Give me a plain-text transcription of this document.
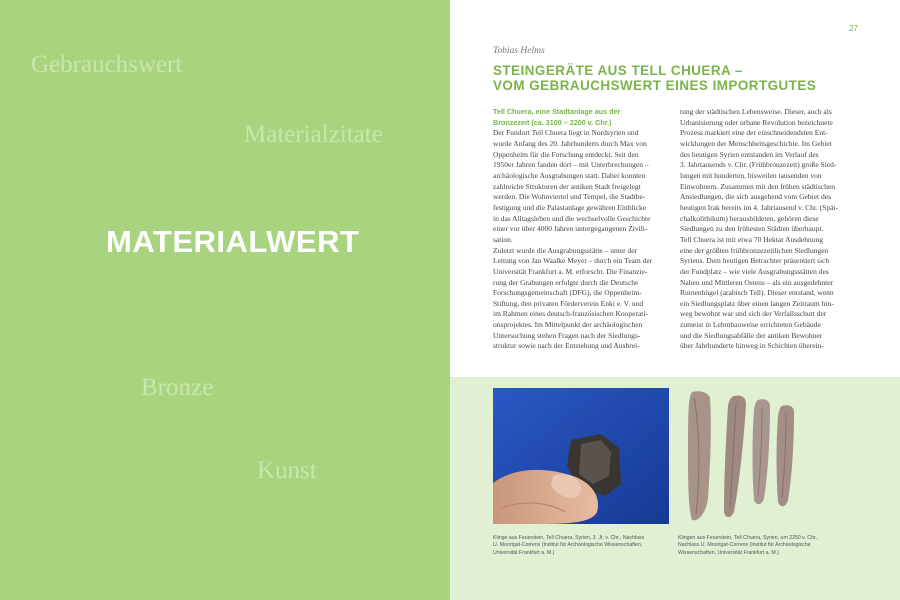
Gebrauchswert
Materialzitate
MATERIALWERT
Bronze
Kunst
27
Tobias Helms
STEINGERÄTE AUS TELL CHUERA –
VOM GEBRAUCHSWERT EINES IMPORTGUTES

Tell Chuera, eine Stadtanlage aus der

Bronzezeit (ca. 3100 – 2200 v. Chr.)

Der Fundort Tell Chuera liegt in Nordsyrien und

wurde Anfang des 20. Jahrhunderts durch Max von

Oppenheim für die Forschung entdeckt. Seit den

1950er Jahren fanden dort – mit Unterbrechungen –

archäologische Ausgrabungen statt. Dabei konnten

zahlreiche Strukturen der antiken Stadt freigelegt

werden. Die Wohnviertel und Tempel, die Stadtbe-

festigung und die Palastanlage gewähren Einblicke

in das Alltagsleben und die wechselvolle Geschichte

einer vor über 4000 Jahren untergegangenen Zivili-

sation.

Zuletzt wurde die Ausgrabungsstätte – unter der

Leitung von Jan Waalke Meyer – durch ein Team der

Universität Frankfurt a. M. erforscht. Die Finanzie-

rung der Grabungen erfolgte durch die Deutsche

Forschungsgemeinschaft (DFG), die Oppenheim-

Stiftung, den privaten Förderverein Enki e. V. und

im Rahmen eines deutsch-französischen Kooperati-

onsprojektes. Im Mittelpunkt der archäologischen

Untersuchung stehen Fragen nach der Siedlungs-

struktur sowie nach der Entstehung und Ausbrei-

tung der städtischen Lebensweise. Dieser, auch als

Urbanisierung oder urbane Revolution bezeichnete

Prozess markiert eine der einschneidendsten Ent-

wicklungen der Menschheitsgeschichte. Im Gebiet

des heutigen Syrien entstanden im Verlauf des

3. Jahrtausends v. Chr. (Frühbronzezeit) große Sied-

lungen mit hunderten, bisweilen tausenden von

Einwohnern. Zusammen mit den frühen städtischen

Ansiedlungen, die sich ausgehend vom Gebiet des

heutigen Irak bereits im 4. Jahrtausend v. Chr. (Spät-

chalkolithikum) herausbildeten, gehören diese

Siedlungen zu den frühesten Städten überhaupt.

Tell Chuera ist mit etwa 70 Hektar Ausdehnung

eine der größten frühbronzezeitlichen Siedlungen

Syriens. Dem heutigen Betrachter präsentiert sich

der Fundplatz – wie viele Ausgrabungsstätten des

Nahen und Mittleren Ostens – als ein ausgedehnter

Ruinenhügel (arabisch Tell). Dieser entstand, wenn

ein Siedlungsplatz über einen langen Zeitraum hin-

weg bewohnt war und sich der Verfallsschutt der

zumeist in Lehmbauweise errichteten Gebäude

und die Siedlungsabfälle der antiken Bewohner

über Jahrhunderte hinweg in Schichten überein-

Klinge aus Feuerstein, Tell Chuera, Syrien, 3. Jt. v. Chr., Nachlass

U. Moortgat-Correns (Institut für Archäologische Wissenschaften,

Universität Frankfurt a. M.)

Klingen aus Feuerstein, Tell Chuera, Syrien, um 2250 v. Chr.,

Nachlass U. Moortgat-Correns (Institut für Archäologische

Wissenschaften, Universität Frankfurt a. M.)
